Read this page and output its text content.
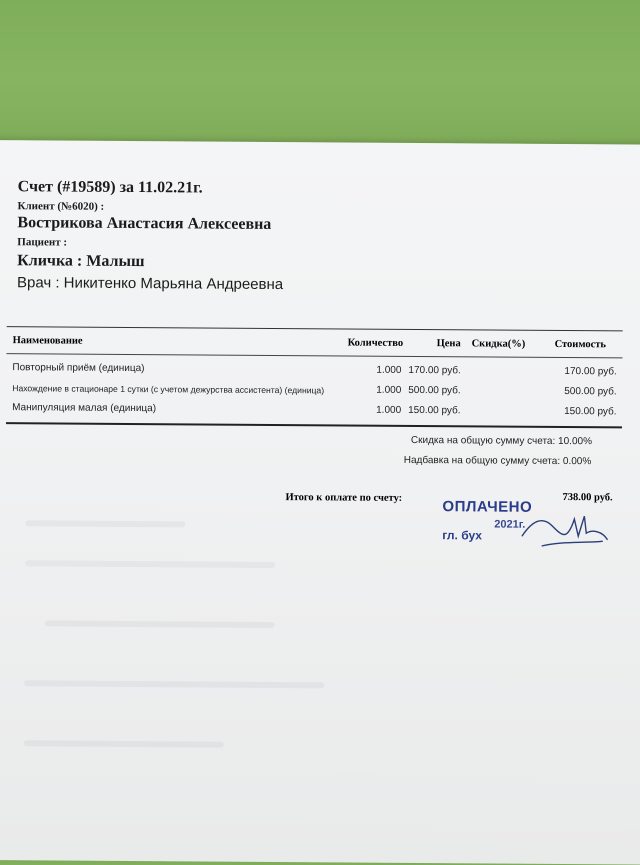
Счет (#19589) за 11.02.21г.
Клиент (№6020) :
Вострикова Анастасия Алексеевна
Пациент :
Кличка : Малыш
Врач : Никитенко Марьяна Андреевна
Наименование	Количество	Цена Скидка(%)	Стоимость
Повторный приём (единица)	1.000 170.00 руб.	170.00 руб.
Нахождение в стационаре 1 сутки (с учетом дежурства ассистента) (единица)	1.000 500.00 руб.	500.00 руб.
Манипуляция малая (единица)	1.000 150.00 руб.	150.00 руб.
Скидка на общую сумму счета: 10.00%
Надбавка на общую сумму счета: 0.00%
Итого к оплате по счету:	738.00 руб.
ОПЛАЧЕНО
2021г.
гл. бух
